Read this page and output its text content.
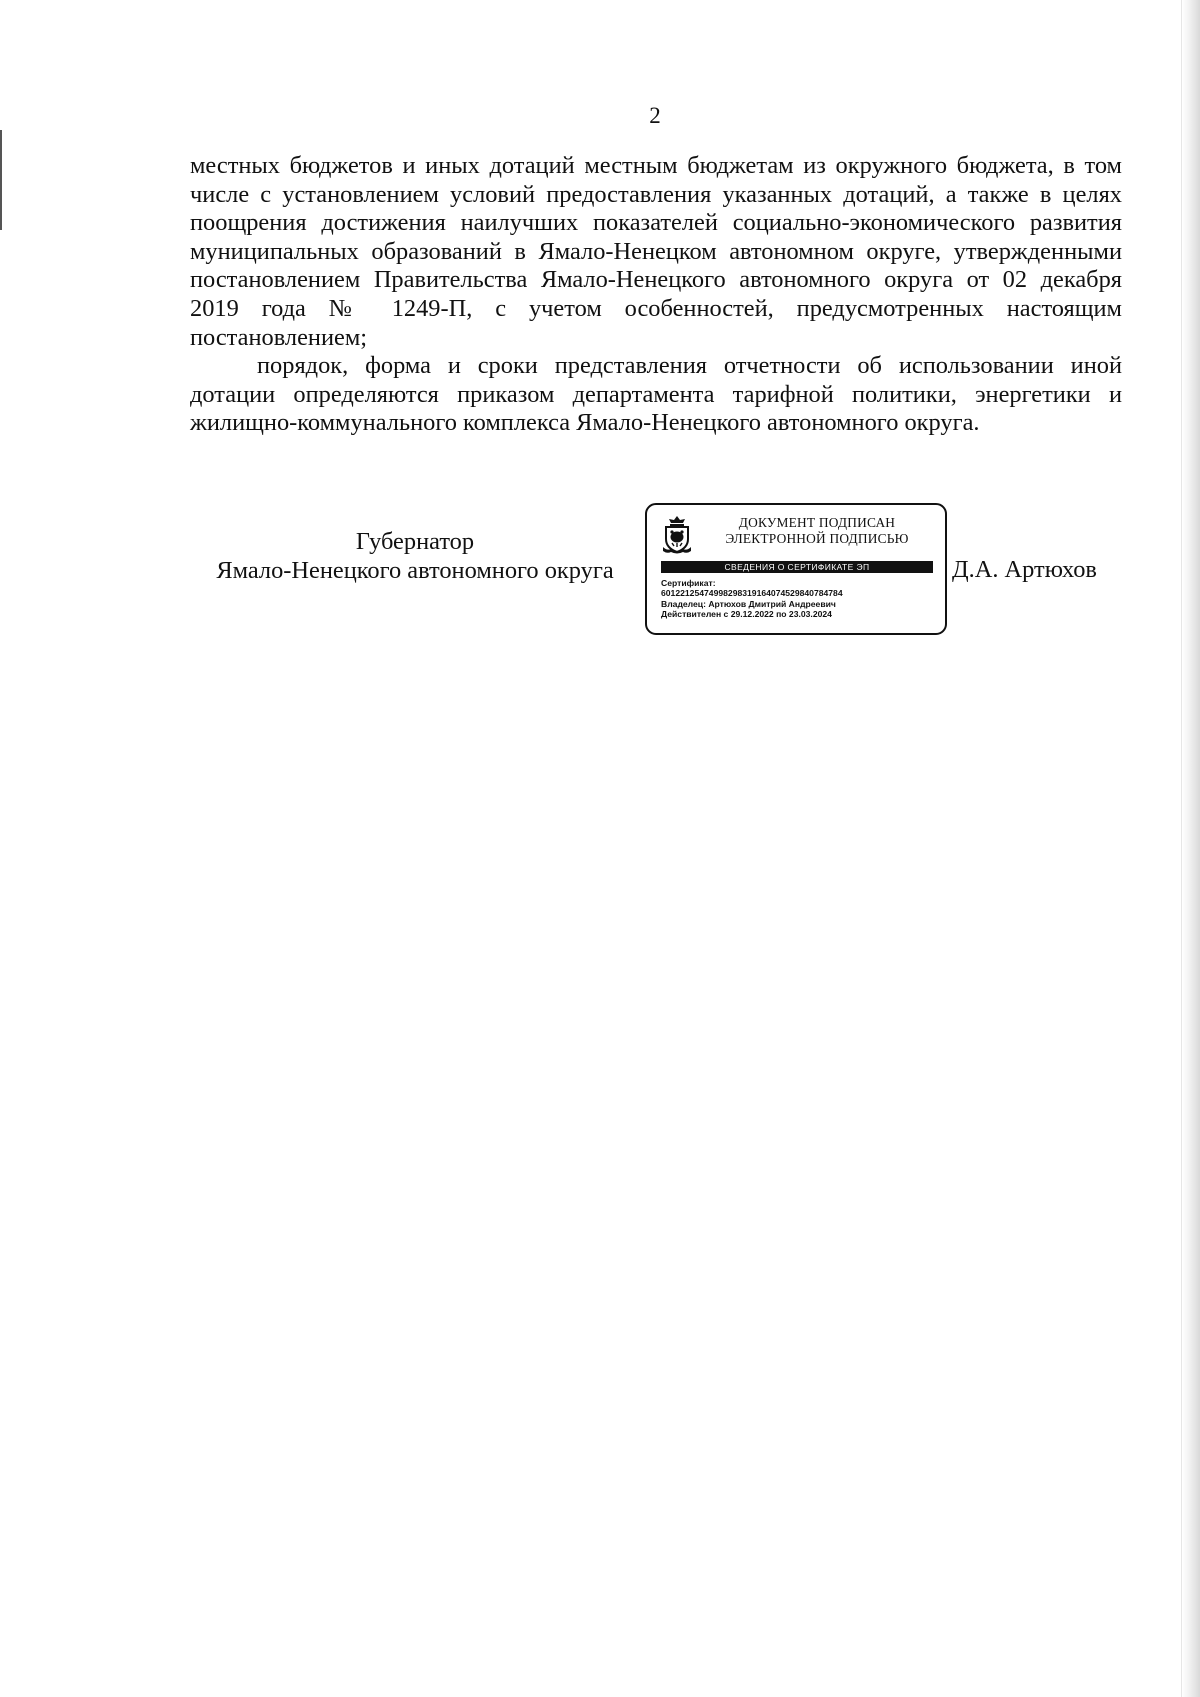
2

местных бюджетов и иных дотаций местным бюджетам из окружного бюджета, в том числе с установлением условий предоставления указанных дотаций, а также в целях поощрения достижения наилучших показателей социально-экономического развития муниципальных образований в Ямало-Ненецком автономном округе, утвержденными постановлением Правительства Ямало-Ненецкого автономного округа от 02 декабря 2019 года № 1249-П, с учетом особенностей, предусмотренных настоящим постановлением;

порядок, форма и сроки представления отчетности об использовании иной дотации определяются приказом департамента тарифной политики, энергетики и жилищно-коммунального комплекса Ямало-Ненецкого автономного округа.

Губернатор
Ямало-Ненецкого автономного округа
ДОКУМЕНТ ПОДПИСАН
ЭЛЕКТРОННОЙ ПОДПИСЬЮ
СВЕДЕНИЯ О СЕРТИФИКАТЕ ЭП
Сертификат:
60122125474998298319164074529840784784
Владелец: Артюхов Дмитрий Андреевич
Действителен с 29.12.2022 по 23.03.2024
Д.А. Артюхов
